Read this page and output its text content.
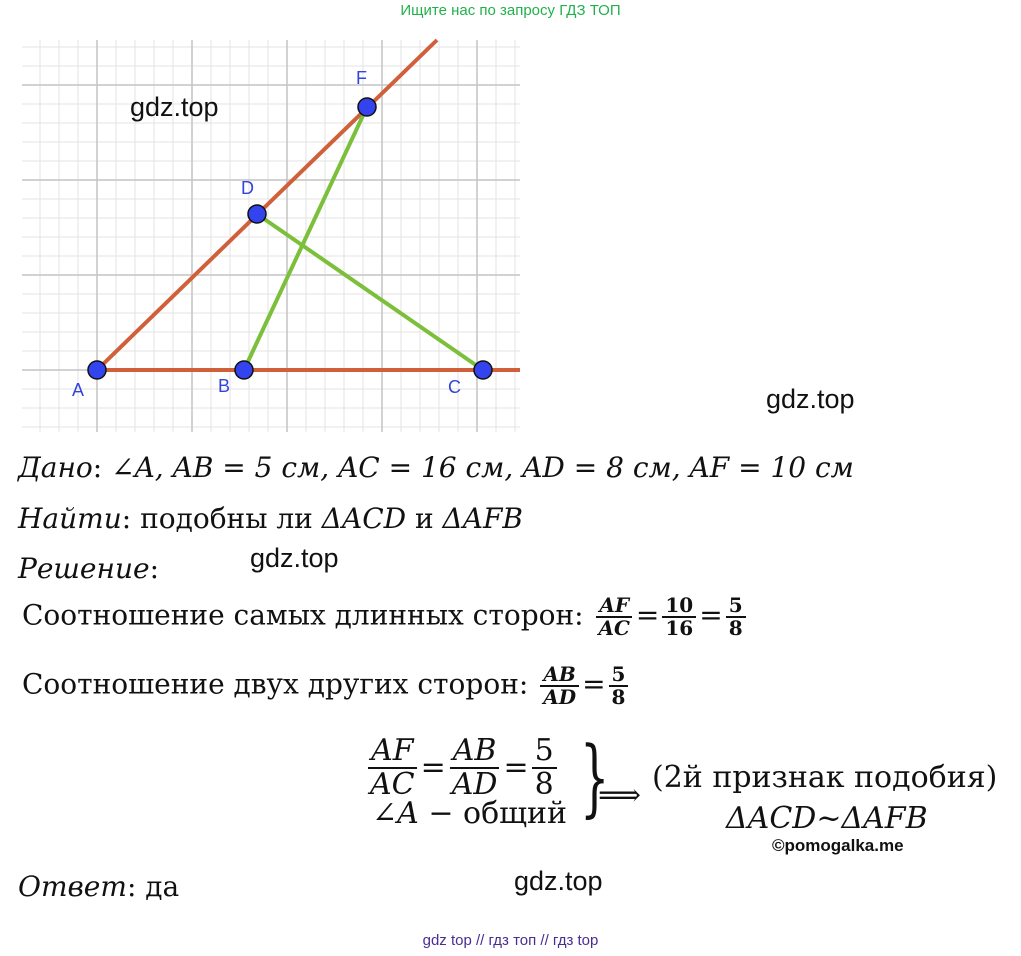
Ищите нас по запросу ГДЗ ТОП
A	B	C
D
F
gdz.top
gdz.top
Дано: ∠A, AB = 5 см, AC = 16 см, AD = 8 см, AF = 10 см
Найти: подобны ли ΔACD и ΔAFB
Решение:	gdz.top
Соотношение самых длинных сторон: $\frac{AF}{AC} = \frac{10}{16} = \frac{5}{8}$
Соотношение двух других сторон: $\frac{AB}{AD} = \frac{5}{8}$
$\frac{AF}{AC} = \frac{AB}{AD} = \frac{5}{8}$
∠A − общий }
⟹
(2й признак подобия)
ΔACD~ΔAFB
©pomogalka.me
Ответ: да	gdz.top
gdz top // гдз топ // гдз top
